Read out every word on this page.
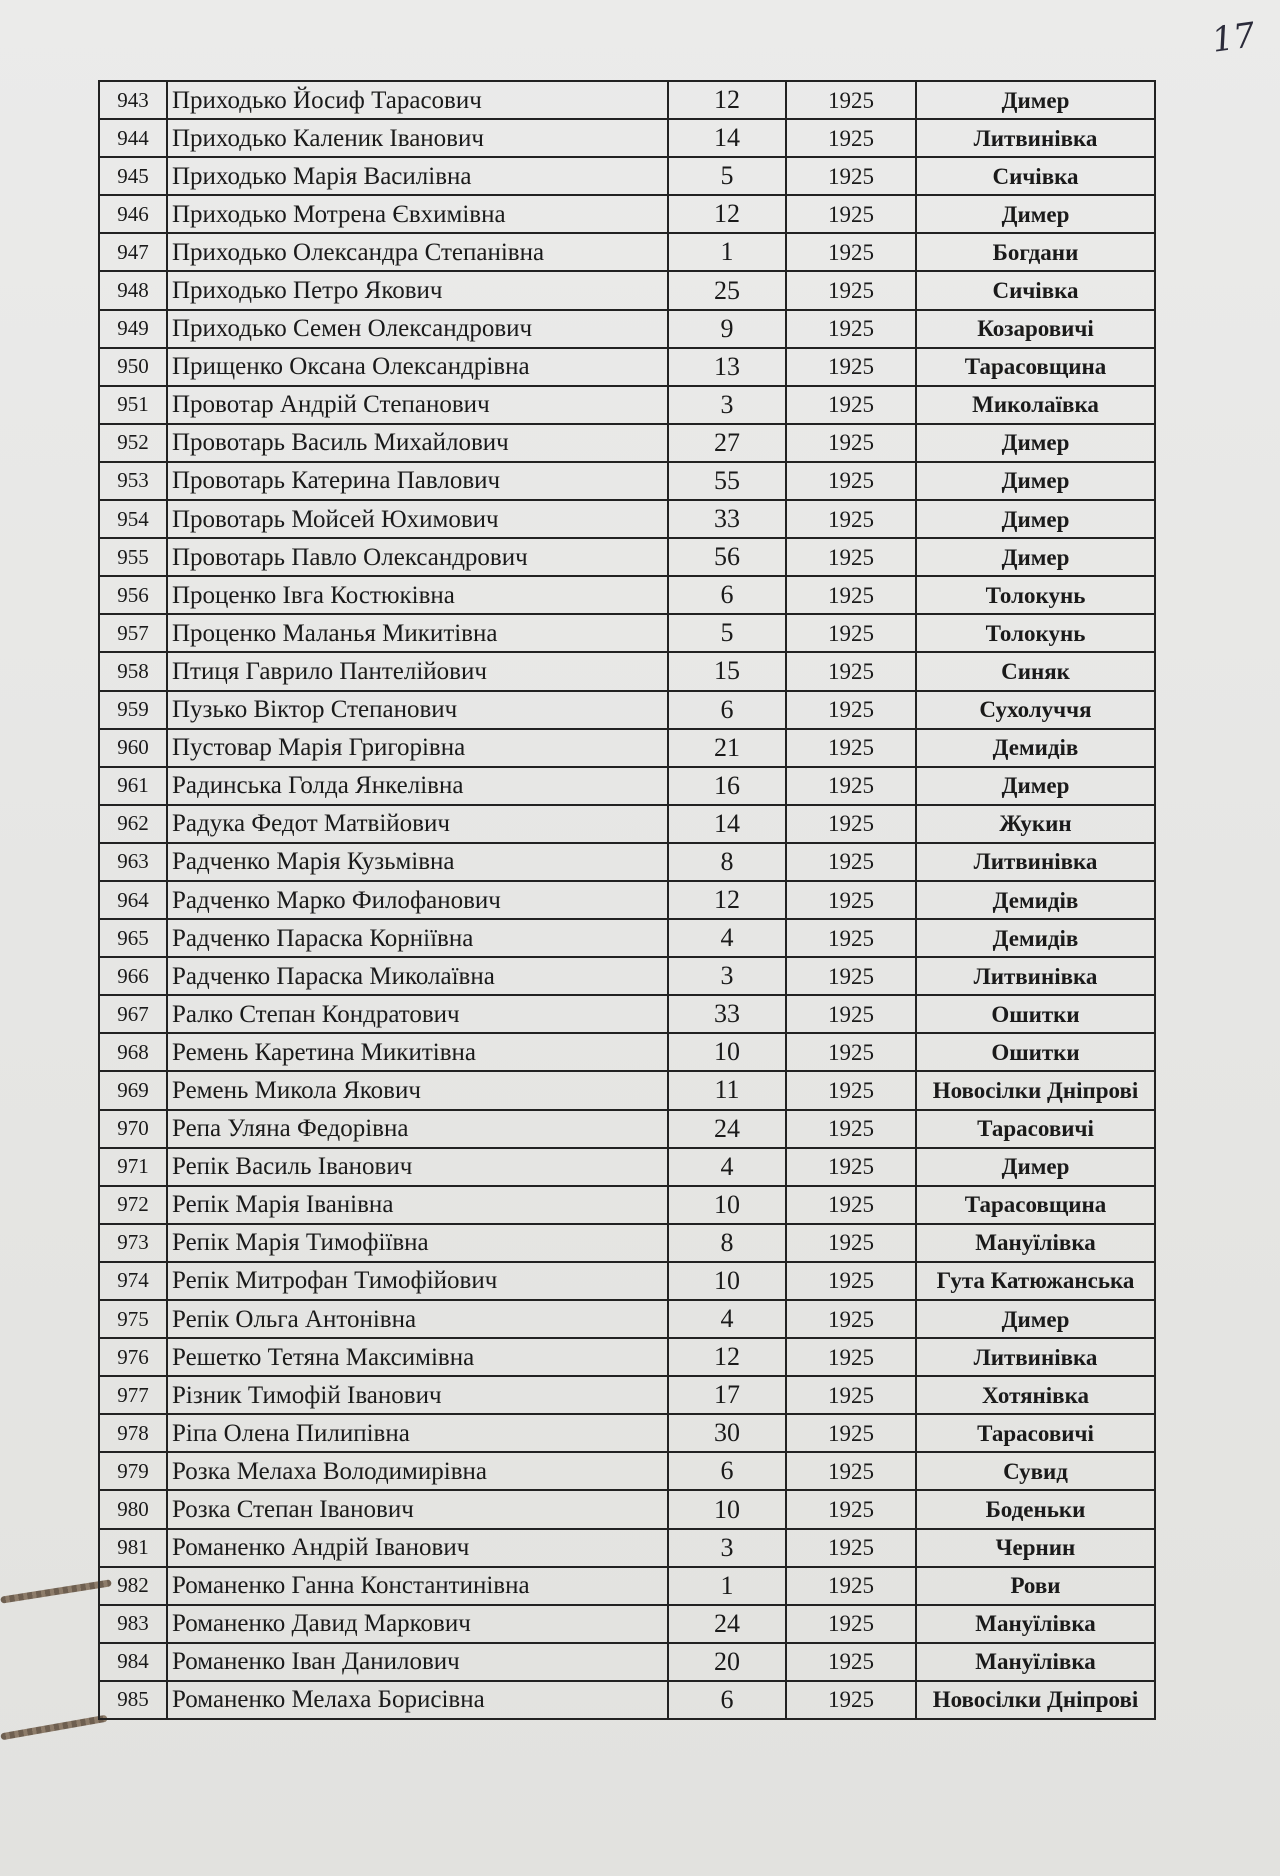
17
943	Приходько Йосиф Тарасович	12	1925	Димер
944	Приходько Каленик Іванович	14	1925	Литвинівка
945	Приходько Марія Василівна	5	1925	Сичівка
946	Приходько Мотрена Євхимівна	12	1925	Димер
947	Приходько Олександра Степанівна	1	1925	Богдани
948	Приходько Петро Якович	25	1925	Сичівка
949	Приходько Семен Олександрович	9	1925	Козаровичі
950	Прищенко Оксана Олександрівна	13	1925	Тарасовщина
951	Провотар Андрій Степанович	3	1925	Миколаївка
952	Провотарь Василь Михайлович	27	1925	Димер
953	Провотарь Катерина Павлович	55	1925	Димер
954	Провотарь Мойсей Юхимович	33	1925	Димер
955	Провотарь Павло Олександрович	56	1925	Димер
956	Проценко Івга Костюківна	6	1925	Толокунь
957	Проценко Маланья Микитівна	5	1925	Толокунь
958	Птиця Гаврило Пантелійович	15	1925	Синяк
959	Пузько Віктор Степанович	6	1925	Сухолуччя
960	Пустовар Марія Григорівна	21	1925	Демидів
961	Радинська Голда Янкелівна	16	1925	Димер
962	Радука Федот Матвійович	14	1925	Жукин
963	Радченко Марія Кузьмівна	8	1925	Литвинівка
964	Радченко Марко Филофанович	12	1925	Демидів
965	Радченко Параска Корніївна	4	1925	Демидів
966	Радченко Параска Миколаївна	3	1925	Литвинівка
967	Ралко Степан Кондратович	33	1925	Ошитки
968	Ремень Каретина Микитівна	10	1925	Ошитки
969	Ремень Микола Якович	11	1925	Новосілки Дніпрові
970	Репа Уляна Федорівна	24	1925	Тарасовичі
971	Репік Василь Іванович	4	1925	Димер
972	Репік Марія Іванівна	10	1925	Тарасовщина
973	Репік Марія Тимофіївна	8	1925	Мануїлівка
974	Репік Митрофан Тимофійович	10	1925	Гута Катюжанська
975	Репік Ольга Антонівна	4	1925	Димер
976	Решетко Тетяна Максимівна	12	1925	Литвинівка
977	Різник Тимофій Іванович	17	1925	Хотянівка
978	Ріпа Олена Пилипівна	30	1925	Тарасовичі
979	Розка Мелаха Володимирівна	6	1925	Сувид
980	Розка Степан Іванович	10	1925	Боденьки
981	Романенко Андрій Іванович	3	1925	Чернин
982	Романенко Ганна Константинівна	1	1925	Рови
983	Романенко Давид Маркович	24	1925	Мануїлівка
984	Романенко Іван Данилович	20	1925	Мануїлівка
985	Романенко Мелаха Борисівна	6	1925	Новосілки Дніпрові
